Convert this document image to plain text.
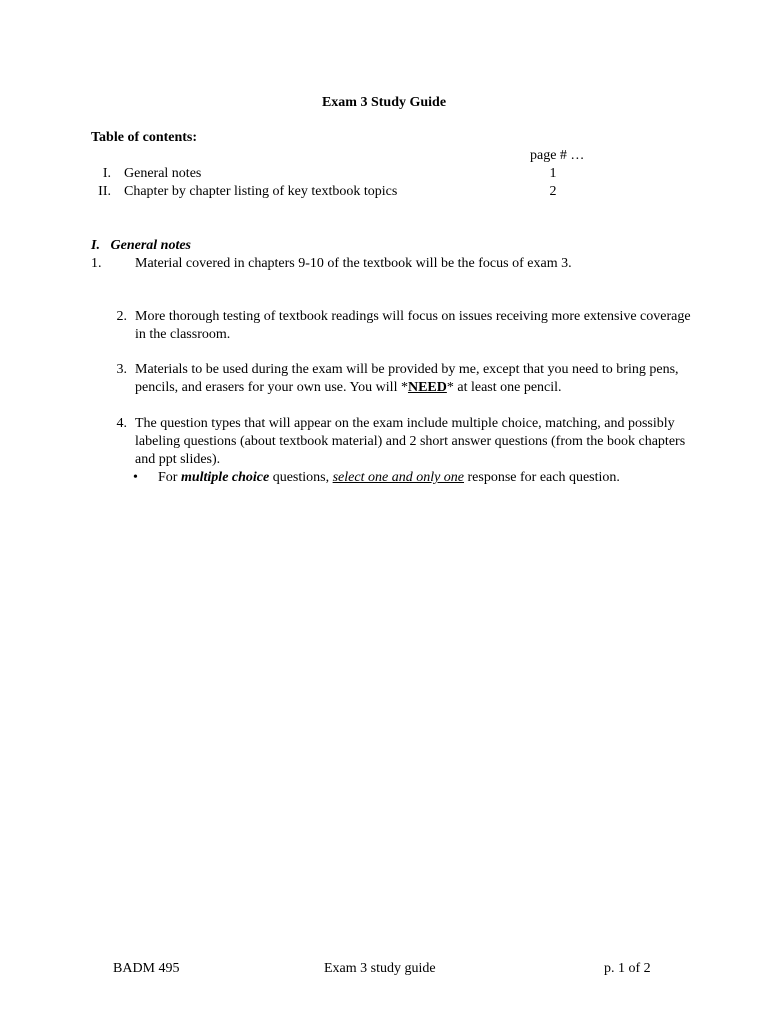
Exam 3 Study Guide
Table of contents:
page # …
I. General notes	1
II. Chapter by chapter listing of key textbook topics	2
I. General notes
1. Material covered in chapters 9-10 of the textbook will be the focus of exam 3.
2. More thorough testing of textbook readings will focus on issues receiving more extensive coverage in the classroom.
3. Materials to be used during the exam will be provided by me, except that you need to bring pens, pencils, and erasers for your own use. You will *NEED* at least one pencil.
4. The question types that will appear on the exam include multiple choice, matching, and possibly labeling questions (about textbook material) and 2 short answer questions (from the book chapters and ppt slides).
• For multiple choice questions, select one and only one response for each question.
BADM 495	Exam 3 study guide	p. 1 of 2
